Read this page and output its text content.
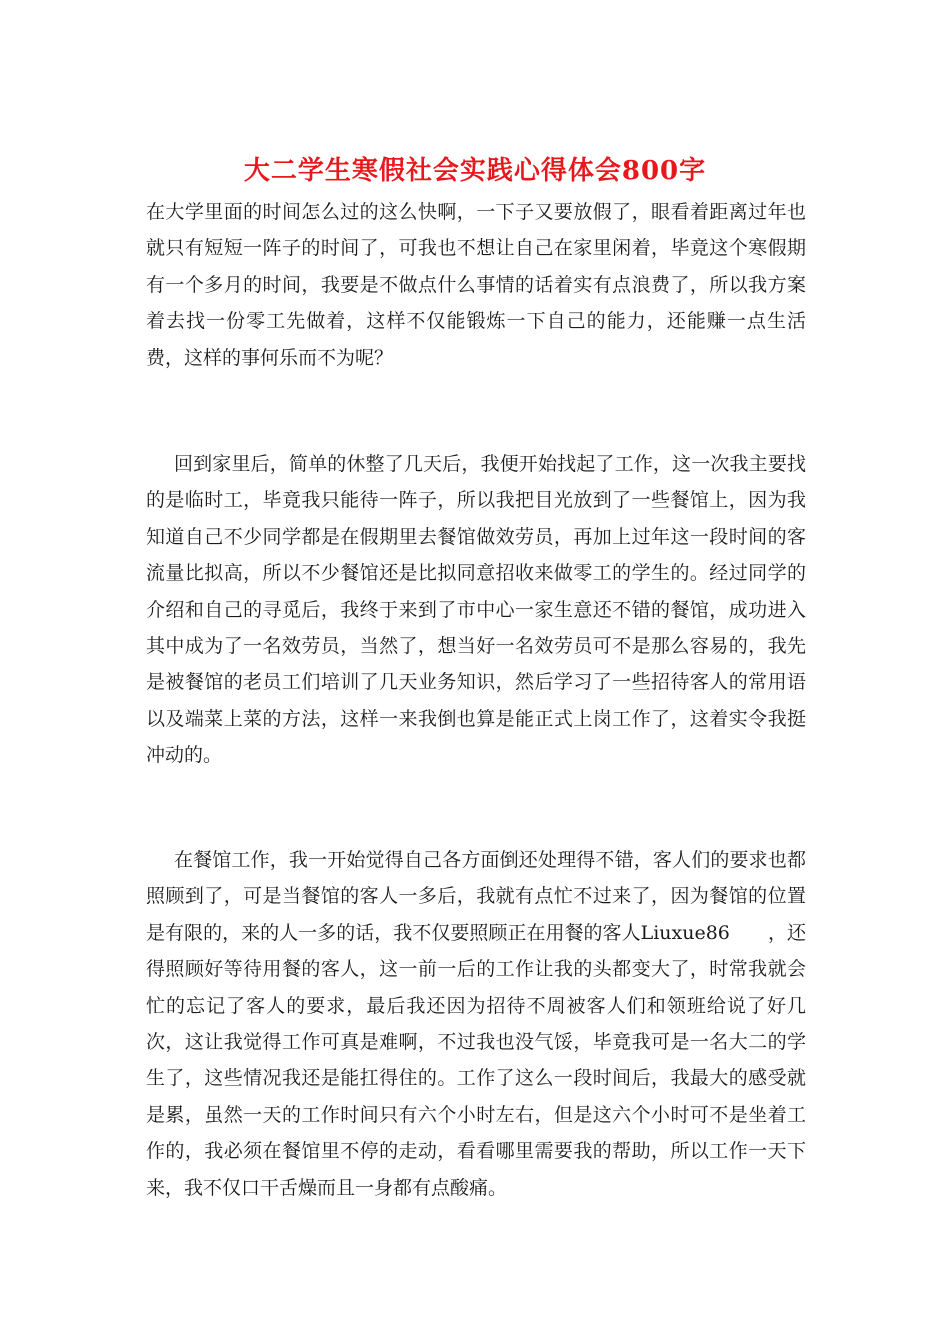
大二学生寒假社会实践心得体会800字

在大学里面的时间怎么过的这么快啊，一下子又要放假了，眼看着距离过年也就只有短短一阵子的时间了，可我也不想让自己在家里闲着，毕竟这个寒假期有一个多月的时间，我要是不做点什么事情的话着实有点浪费了，所以我方案着去找一份零工先做着，这样不仅能锻炼一下自己的能力，还能赚一点生活费，这样的事何乐而不为呢？

回到家里后，简单的休整了几天后，我便开始找起了工作，这一次我主要找的是临时工，毕竟我只能待一阵子，所以我把目光放到了一些餐馆上，因为我知道自己不少同学都是在假期里去餐馆做效劳员，再加上过年这一段时间的客流量比拟高，所以不少餐馆还是比拟同意招收来做零工的学生的。经过同学的介绍和自己的寻觅后，我终于来到了市中心一家生意还不错的餐馆，成功进入其中成为了一名效劳员，当然了，想当好一名效劳员可不是那么容易的，我先是被餐馆的老员工们培训了几天业务知识，然后学习了一些招待客人的常用语以及端菜上菜的方法，这样一来我倒也算是能正式上岗工作了，这着实令我挺冲动的。

在餐馆工作，我一开始觉得自己各方面倒还处理得不错，客人们的要求也都照顾到了，可是当餐馆的客人一多后，我就有点忙不过来了，因为餐馆的位置是有限的，来的人一多的话，我不仅要照顾正在用餐的客人Liuxue86　　，还得照顾好等待用餐的客人，这一前一后的工作让我的头都变大了，时常我就会忙的忘记了客人的要求，最后我还因为招待不周被客人们和领班给说了好几次，这让我觉得工作可真是难啊，不过我也没气馁，毕竟我可是一名大二的学生了，这些情况我还是能扛得住的。工作了这么一段时间后，我最大的感受就是累，虽然一天的工作时间只有六个小时左右，但是这六个小时可不是坐着工作的，我必须在餐馆里不停的走动，看看哪里需要我的帮助，所以工作一天下来，我不仅口干舌燥而且一身都有点酸痛。
